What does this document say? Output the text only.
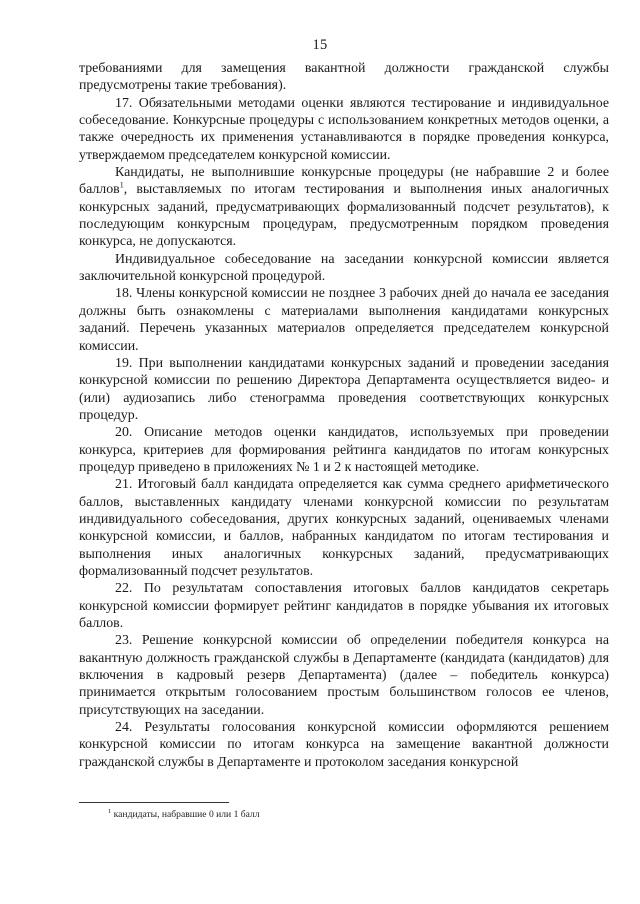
15

требованиями для замещения вакантной должности гражданской службы предусмотрены такие требования).

17. Обязательными методами оценки являются тестирование и индивидуальное собеседование. Конкурсные процедуры с использованием конкретных методов оценки, а также очередность их применения устанавливаются в порядке проведения конкурса, утверждаемом председателем конкурсной комиссии.

Кандидаты, не выполнившие конкурсные процедуры (не набравшие 2 и более баллов$^1$, выставляемых по итогам тестирования и выполнения иных аналогичных конкурсных заданий, предусматривающих формализованный подсчет результатов), к последующим конкурсным процедурам, предусмотренным порядком проведения конкурса, не допускаются.

Индивидуальное собеседование на заседании конкурсной комиссии является заключительной конкурсной процедурой.

18. Члены конкурсной комиссии не позднее 3 рабочих дней до начала ее заседания должны быть ознакомлены с материалами выполнения кандидатами конкурсных заданий. Перечень указанных материалов определяется председателем конкурсной комиссии.

19. При выполнении кандидатами конкурсных заданий и проведении заседания конкурсной комиссии по решению Директора Департамента осуществляется видео- и (или) аудиозапись либо стенограмма проведения соответствующих конкурсных процедур.

20. Описание методов оценки кандидатов, используемых при проведении конкурса, критериев для формирования рейтинга кандидатов по итогам конкурсных процедур приведено в приложениях № 1 и 2 к настоящей методике.

21. Итоговый балл кандидата определяется как сумма среднего арифметического баллов, выставленных кандидату членами конкурсной комиссии по результатам индивидуального собеседования, других конкурсных заданий, оцениваемых членами конкурсной комиссии, и баллов, набранных кандидатом по итогам тестирования и выполнения иных аналогичных конкурсных заданий, предусматривающих формализованный подсчет результатов.

22. По результатам сопоставления итоговых баллов кандидатов секретарь конкурсной комиссии формирует рейтинг кандидатов в порядке убывания их итоговых баллов.

23. Решение конкурсной комиссии об определении победителя конкурса на вакантную должность гражданской службы в Департаменте (кандидата (кандидатов) для включения в кадровый резерв Департамента) (далее – победитель конкурса) принимается открытым голосованием простым большинством голосов ее членов, присутствующих на заседании.

24. Результаты голосования конкурсной комиссии оформляются решением конкурсной комиссии по итогам конкурса на замещение вакантной должности гражданской службы в Департаменте и протоколом заседания конкурсной

$^1$ кандидаты, набравшие 0 или 1 балл
